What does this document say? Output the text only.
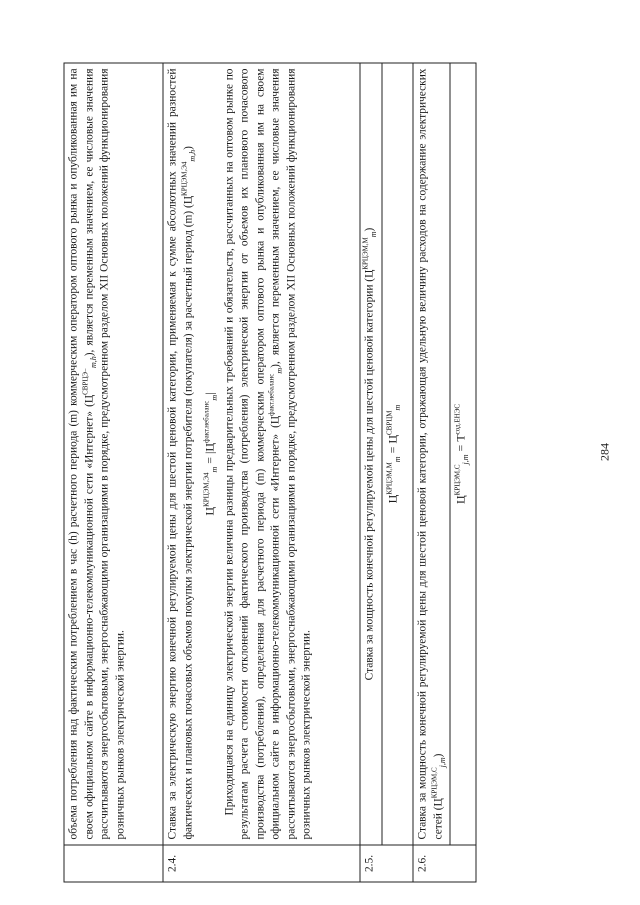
284
	объема потребления над фактическим потреблением в час (h) расчетного периода (m) коммерческим оператором оптового рынка и опубликованная им на своем официальном сайте в информационно-телекоммуникационной сети «Интернет» $(Ц^{СВРЦЭ-}_{m,h})$, является переменным значением, ее числовые значения рассчитываются энергосбытовыми, энергоснабжающими организациями в порядке, предусмотренном разделом XII Основных положений функционирования розничных рынков электрической энергии.
2.4.	Ставка за электрическую энергию конечной регулируемой цены для шестой ценовой категории, применяемая к сумме абсолютных значений разностей фактических и плановых почасовых объемов покупки электрической энергии потребителя (покупателя) за расчетный период (m) $(Ц^{КРЦЭМ,Э4}_{m,h})$
$Ц^{КРЦЭМ,Э4}_m = |Ц^{факт.небаланс}_m|$ Приходящаяся на единицу электрической энергии величина разницы предварительных требований и обязательств, рассчитанных на оптовом рынке по результатам расчета стоимости отклонений фактического производства (потребления) электрической энергии от объемов их планового почасового производства (потребления), определенная для расчетного периода (m) коммерческим оператором оптового рынка и опубликованная им на своем официальном сайте в информационно-телекоммуникационной сети «Интернет» $(Ц^{факт.небаланс}_m)$, является переменным значением, ее числовые значения рассчитываются энергосбытовыми, энергоснабжающими организациями в порядке, предусмотренном разделом XII Основных положений функционирования розничных рынков электрической энергии.

2.5.	Ставка за мощность конечной регулируемой цены для шестой ценовой категории $(Ц^{КРЦЭМ,М}_m)$
$Ц^{КРЦЭМ,М}_m = Ц^{СВРЦМ}_m$

2.6.	Ставка за мощность конечной регулируемой цены для шестой ценовой категории, отражающая удельную величину расходов на содержание электрических сетей $(Ц^{КРЦЭМ,С}_{j,m})$
$Ц^{КРЦЭМ,С}_{j,m} = Т^{сод.ЕНЭС}$
